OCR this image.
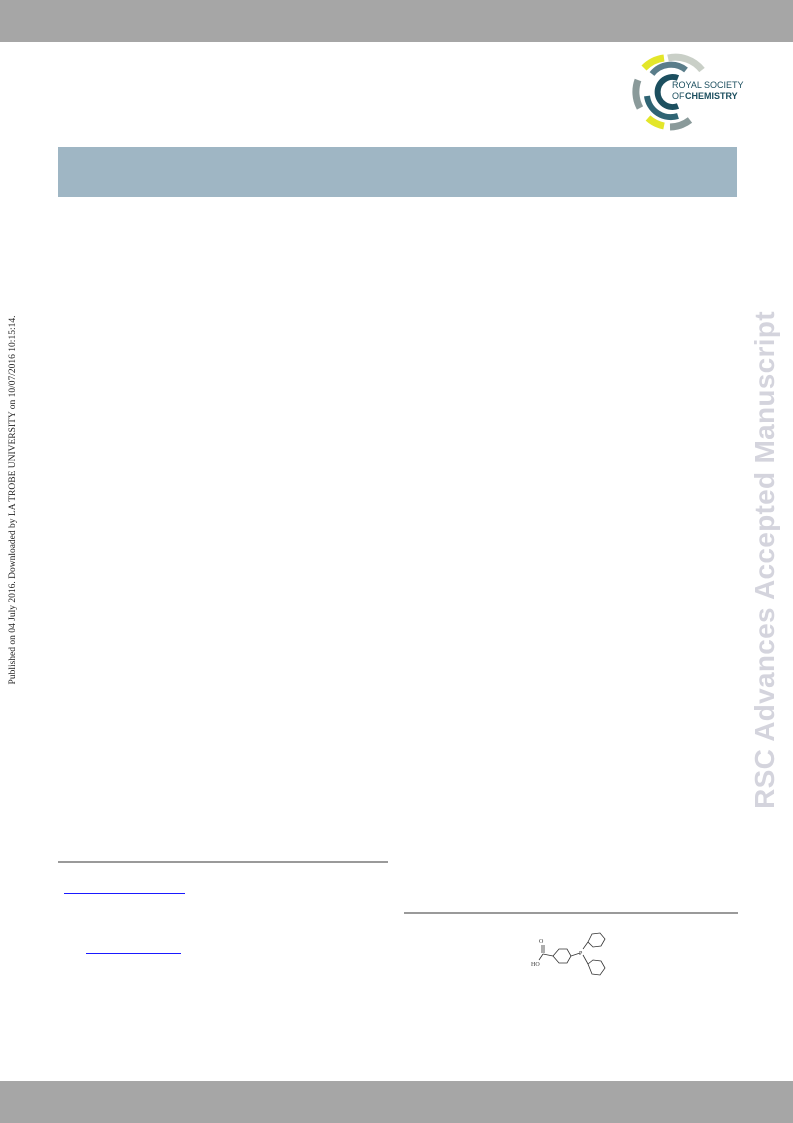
ROYAL SOCIETY
OF CHEMISTRY
Published on 04 July 2016. Downloaded by LA TROBE UNIVERSITY on 10/07/2016 10:15:14.	RSC Advances Accepted Manuscript
O
HO
P
